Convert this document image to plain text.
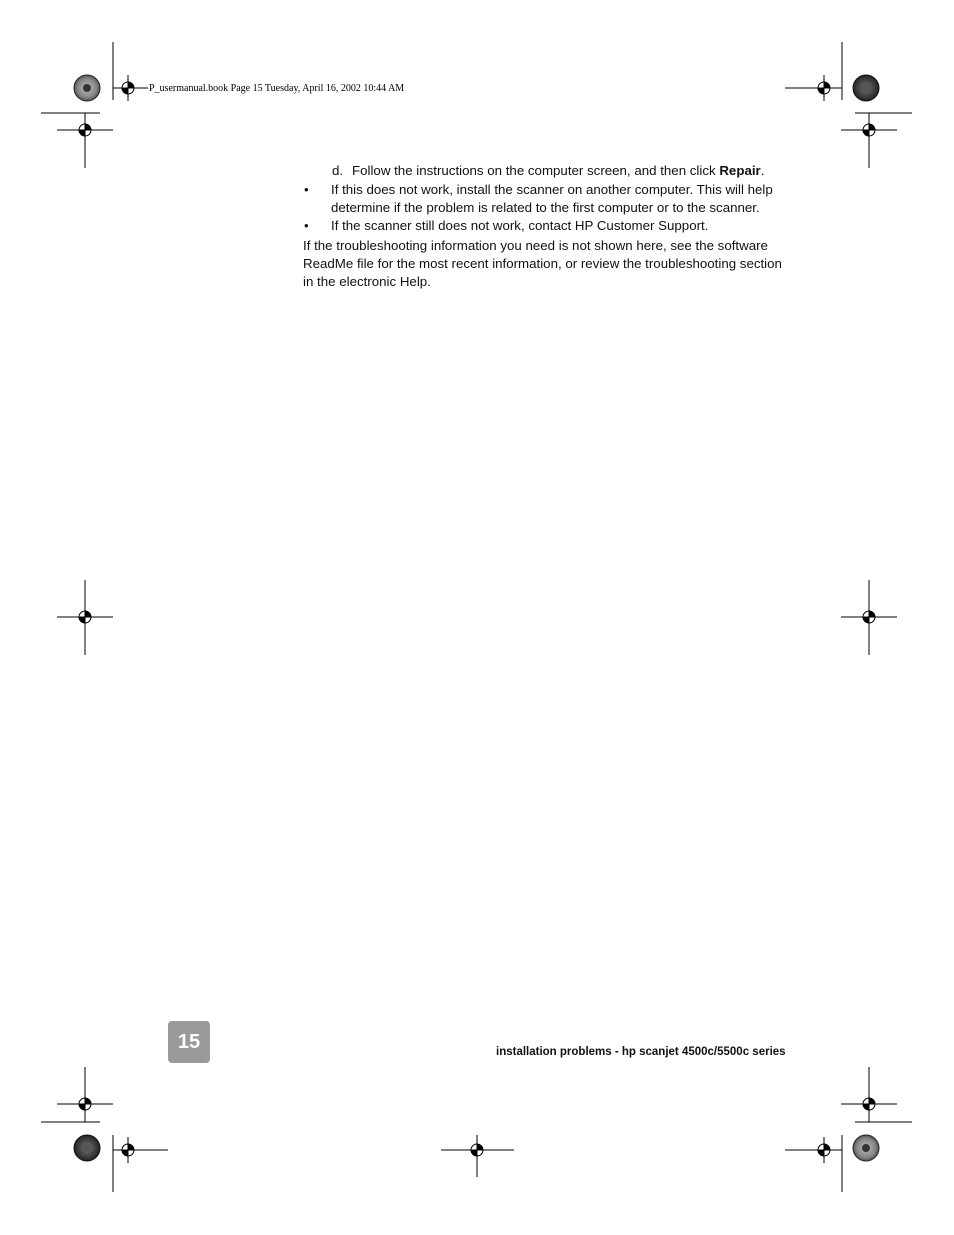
P_usermanual.book Page 15 Tuesday, April 16, 2002 10:44 AM
d. Follow the instructions on the computer screen, and then click Repair.
• If this does not work, install the scanner on another computer. This will help determine if the problem is related to the first computer or to the scanner.
• If the scanner still does not work, contact HP Customer Support.
If the troubleshooting information you need is not shown here, see the software ReadMe file for the most recent information, or review the troubleshooting section in the electronic Help.
15	installation problems - hp scanjet 4500c/5500c series
